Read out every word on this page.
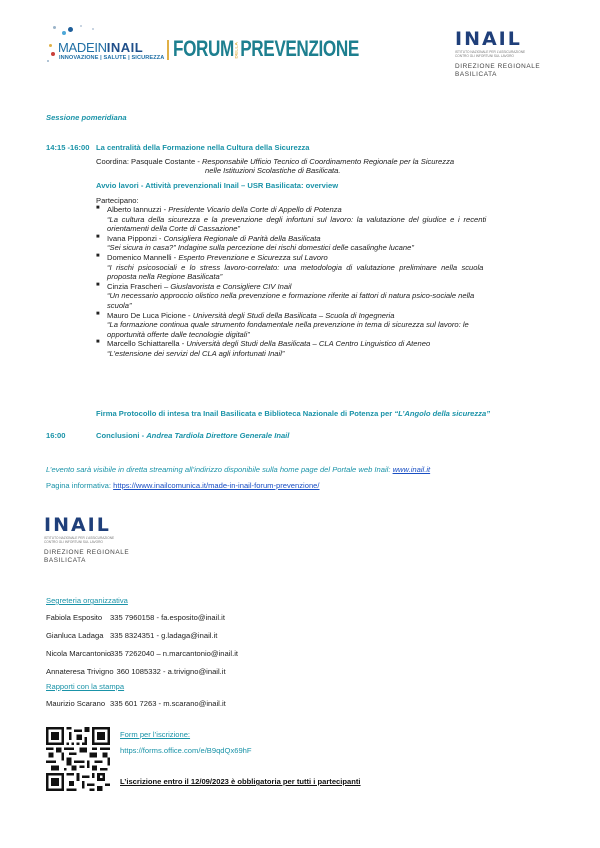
MADEININAIL
INNOVAZIONE | SALUTE | SICUREZZA FORUMDELLAPREVENZIONE	INAIL
ISTITUTO NAZIONALE PER L'ASSICURAZIONE
CONTRO GLI INFORTUNI SUL LAVORO
DIREZIONE REGIONALE
BASILICATA
Sessione pomeridiana
14:15 -16:00 La centralità della Formazione nella Cultura della Sicurezza
Coordina: Pasquale Costante - Responsabile Ufficio Tecnico di Coordinamento Regionale per la Sicurezza
nelle Istituzioni Scolastiche di Basilicata.
Avvio lavori - Attività prevenzionali Inail – USR Basilicata: overview
Partecipano:
■ Alberto Iannuzzi - Presidente Vicario della Corte di Appello di Potenza
“La cultura della sicurezza e la prevenzione degli infortuni sul lavoro: la valutazione del giudice e i recenti
orientamenti della Corte di Cassazione”
■ Ivana Pipponzi - Consigliera Regionale di Parità della Basilicata
“Sei sicura in casa?” Indagine sulla percezione dei rischi domestici delle casalinghe lucane”
■ Domenico Mannelli - Esperto Prevenzione e Sicurezza sul Lavoro
“I rischi psicosociali e lo stress lavoro-correlato: una metodologia di valutazione preliminare nella scuola
proposta nella Regione Basilicata”
■ Cinzia Frascheri – Giuslavorista e Consigliere CIV Inail
“Un necessario approccio olistico nella prevenzione e formazione riferite ai fattori di natura psico-sociale nella
scuola”
■ Mauro De Luca Picione - Università degli Studi della Basilicata – Scuola di Ingegneria
“La formazione continua quale strumento fondamentale nella prevenzione in tema di sicurezza sul lavoro: le
opportunità offerte dalle tecnologie digitali”
■ Marcello Schiattarella - Università degli Studi della Basilicata – CLA Centro Linguistico di Ateneo
“L’estensione dei servizi del CLA agli infortunati Inail”
Firma Protocollo di intesa tra Inail Basilicata e Biblioteca Nazionale di Potenza per “L’Angolo della sicurezza”
16:00	Conclusioni - Andrea Tardiola Direttore Generale Inail
L’evento sarà visibile in diretta streaming all’indirizzo disponibile sulla home page del Portale web Inail: www.inail.it
Pagina informativa: https://www.inailcomunica.it/made-in-inail-forum-prevenzione/
INAIL
ISTITUTO NAZIONALE PER L'ASSICURAZIONE
CONTRO GLI INFORTUNI SUL LAVORO
DIREZIONE REGIONALE
BASILICATA
Segreteria organizzativa
Fabiola Esposito 335 7960158 - fa.esposito@inail.it
Gianluca Ladaga 335 8324351 - g.ladaga@inail.it
Nicola Marcantonio335 7262040 – n.marcantonio@inail.it
Annateresa Trivigno 360 1085332 - a.trivigno@inail.it
Rapporti con la stampa
Maurizio Scarano 335 601 7263 - m.scarano@inail.it
Form per l’iscrizione:
https://forms.office.com/e/B9qdQx69hF
L’iscrizione entro il 12/09/2023 è obbligatoria per tutti i partecipanti
